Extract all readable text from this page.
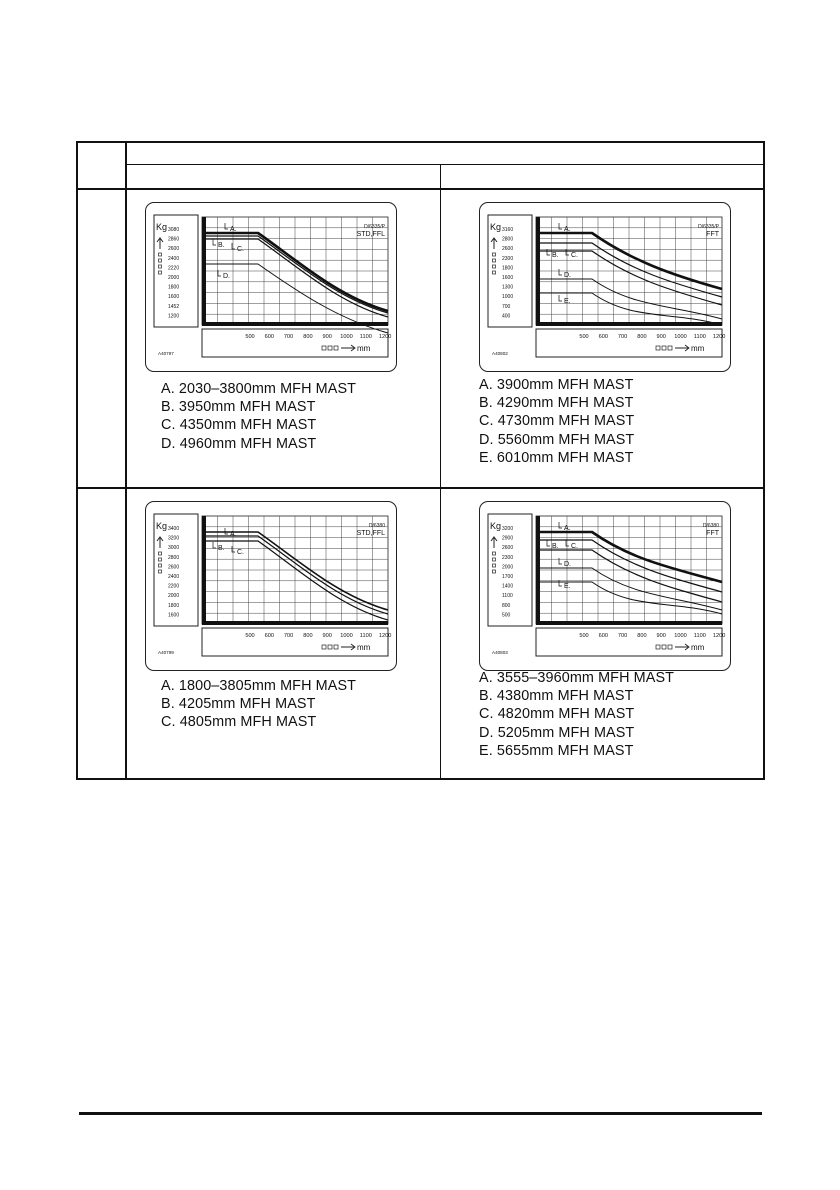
Kg 3080
2860
2600
2400
2220
2000
1800
1600
1452
1200
A.
B.
C.
D.
D/6335/P
STD,FFL
500 600 700 800 900 1000 1100 1200
mm
A40797
A. 2030–3800mm MFH MAST
B. 3950mm MFH MAST
C. 4350mm MFH MAST
D. 4960mm MFH MAST
Kg 3160
2800
2600
2300
1800
1600
1300
1000
700
400
A.
B. C.
D.
E.
D/6335/P
FFT
500 600 700 800 900 1000 1100 1200
mm
A40802
A. 3900mm MFH MAST
B. 4290mm MFH MAST
C. 4730mm MFH MAST
D. 5560mm MFH MAST
E. 6010mm MFH MAST
Kg 3400
3200
3000
2800
2600
2400
2200
2000
1800
1600
A.
B.
C.
D/6380
STD,FFL
500 600 700 800 900 1000 1100 1200
mm
A40799
A. 1800–3805mm MFH MAST
B. 4205mm MFH MAST
C. 4805mm MFH MAST
Kg 3200
2900
2600
2300
2000
1700
1400
1100
800
500
A.
B. C.
D.
E.
D/6380
FFT
500 600 700 800 900 1000 1100 1200
mm
A40803
A. 3555–3960mm MFH MAST
B. 4380mm MFH MAST
C. 4820mm MFH MAST
D. 5205mm MFH MAST
E. 5655mm MFH MAST
